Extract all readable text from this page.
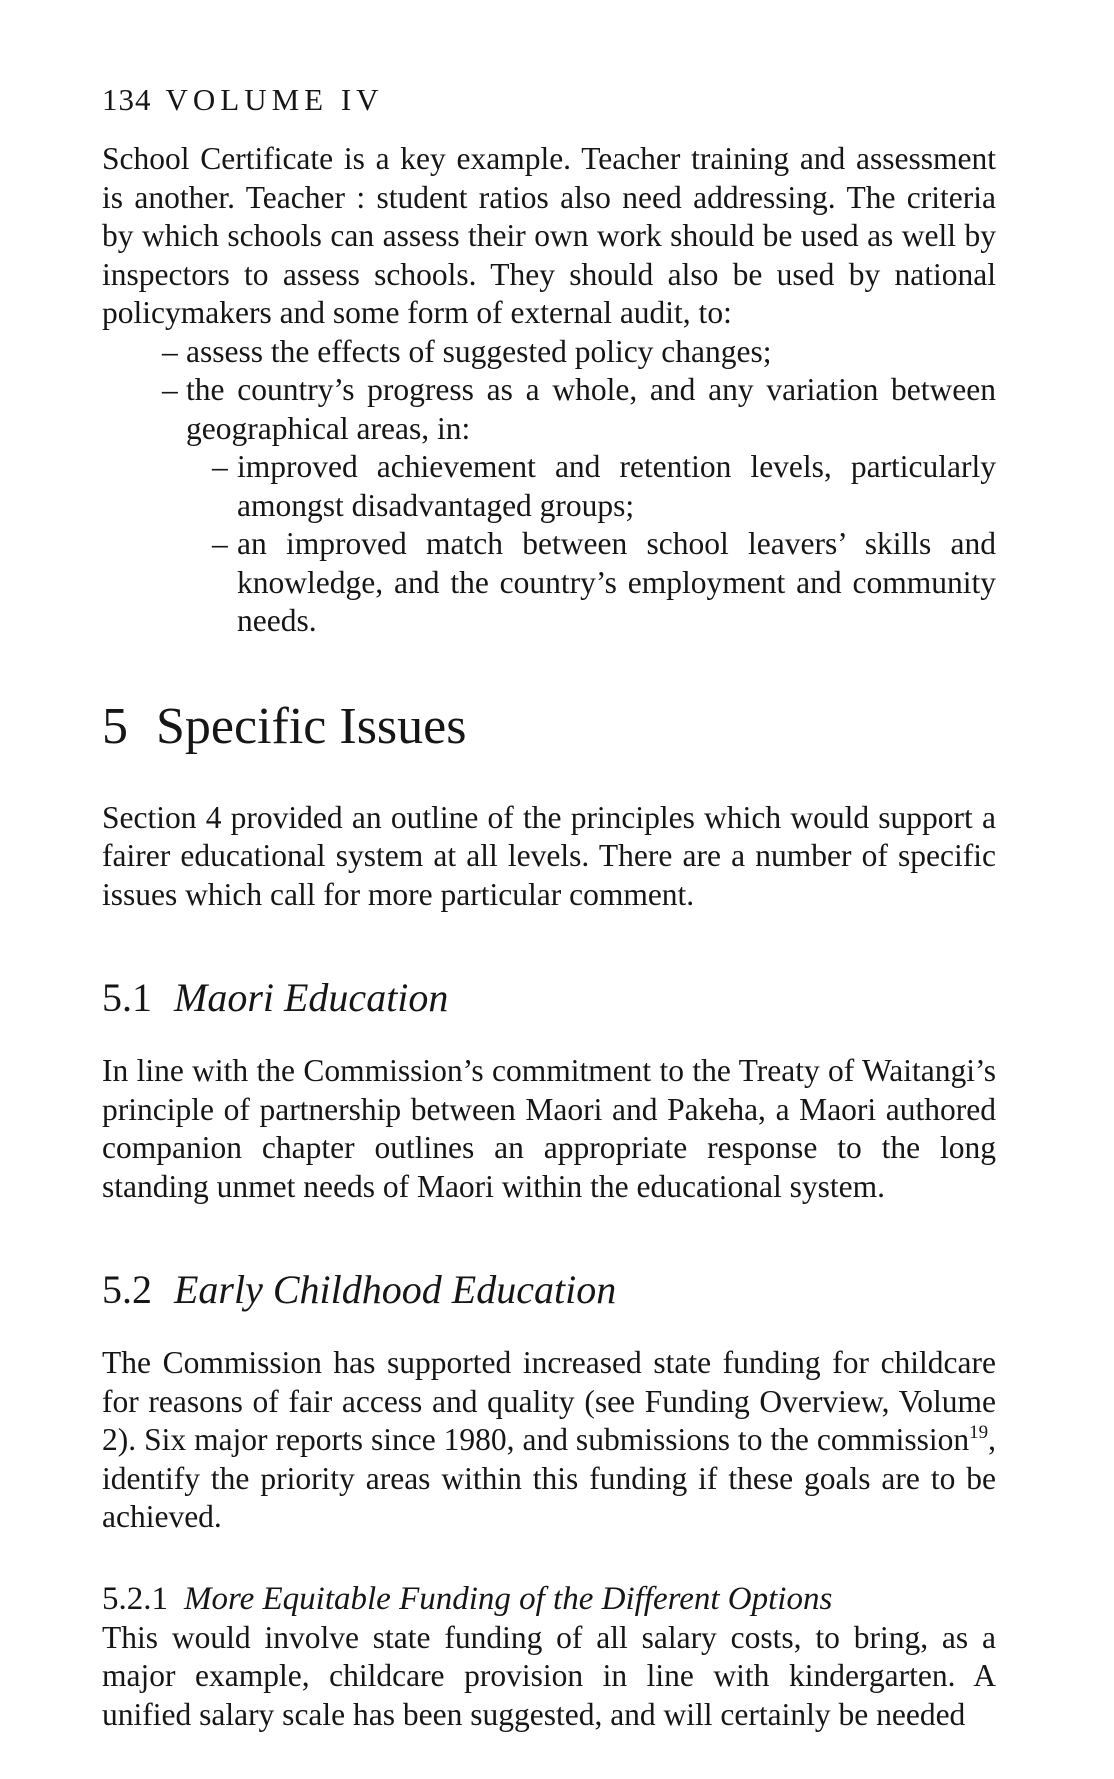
134 VOLUME IV

School Certificate is a key example. Teacher training and assessment is another. Teacher : student ratios also need addressing. The criteria by which schools can assess their own work should be used as well by inspectors to assess schools. They should also be used by national policymakers and some form of external audit, to:

– assess the effects of suggested policy changes;
– the country’s progress as a whole, and any variation between geographical areas, in:
– improved achievement and retention levels, particularly amongst disadvantaged groups;
– an improved match between school leavers’ skills and knowledge, and the country’s employment and community needs.
5 Specific Issues

Section 4 provided an outline of the principles which would support a fairer educational system at all levels. There are a number of specific issues which call for more particular comment.

5.1 Maori Education

In line with the Commission’s commitment to the Treaty of Waitangi’s principle of partnership between Maori and Pakeha, a Maori authored companion chapter outlines an appropriate response to the long standing unmet needs of Maori within the educational system.

5.2 Early Childhood Education

The Commission has supported increased state funding for childcare for reasons of fair access and quality (see Funding Overview, Volume 2). Six major reports since 1980, and submissions to the commission$^{19}$, identify the priority areas within this funding if these goals are to be achieved.

5.2.1 More Equitable Funding of the Different Options

This would involve state funding of all salary costs, to bring, as a major example, childcare provision in line with kindergarten. A unified salary scale has been suggested, and will certainly be needed
